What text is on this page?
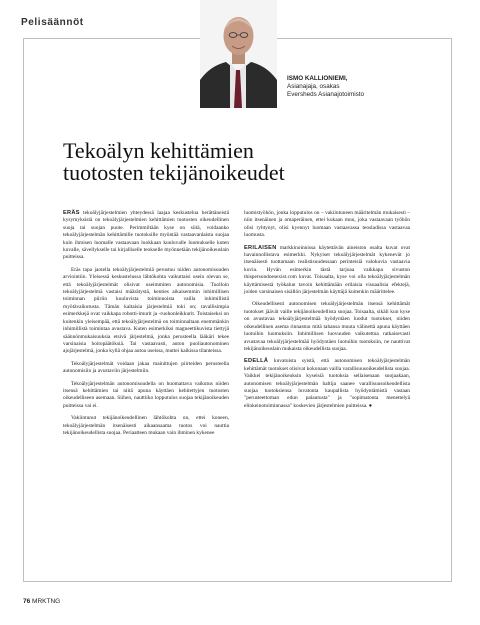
Pelisäännöt
ISMO KALLIONIEMI,
Asianajaja, osakas
Eversheds Asianajotoimisto
Tekoälyn kehittämien
tuotosten tekijänoikeudet

ERÄS tekoälyjärjestelmien yhteydessä laajaa keskustelua herättäneistä kysymyksistä on tekoälyjärjestelmien kehittämien tuotosten oikeudellinen suoja tai suojan puute. Perimmiltään kyse on siitä, voidaanko tekoälyjärjestelmän kehittämille tuotoksille myöntää vastaavanlaista suojaa kuin ihmisen luomalle vastaavaan luokkaan kuuluvalle luomukselle kuten kuvalle, sävellykselle tai kirjalliselle teokselle myönnetään tekijänoikeuslain puitteissa.

Eräs tapa jaotella tekoälyjärjestelmiä perustuu niiden autonomisuuden arviointiin. Yleisessä keskustelussa lähtökohta vaikuttaisi usein olevan se, että tekoälyjärjestelmät olisivat useimmiten autonomisia. Tuolloin tekoälyjärjestelmä vastaisi määrätystä, kenties aikaisemmin inhimillisen toiminnan piiriin kuuluvista toiminnoista vailla inhimillistä myötävaikutusta. Tämän kaltaisia järjestelmiä toki on; tavallisimpia esimerkkejä ovat vaikkapa robotti-imurit ja -ruohonleikkurit. Toistaiseksi on kuitenkin yleisempää, että tekoälyjärjestelmä on toiminnaltaan enemmänkin inhimillistä toimintaa avustava. Kuten esimerkiksi magneettikuvista tiettyjä säännönmukaisuuksia etsivä järjestelmä, jonka perusteella lääkäri tekee varsinaisia hoitopäätöksiä. Tai vastaavasti, auton puoliautonominen ajojärjestelmä, jonka kyllä ohjaa autoa useissa, muttei kaikissa tilanteissa.

Tekoälyjärjestelmät voidaan jakaa mainittujen piirteiden perusteella autonomisiin ja avustaviin järjestelmiin.

Tekoälyjärjestelmän autonomisuudella on huomattava vaikutus niiden itsensä kehittämien tai niitä apuna käyttäen kehitettyjen tuotosten oikeudelliseen asemaan. Siihen, nauttiiko lopputulos suojaa tekijänoikeuden puitteissa vai ei.

Vakiintunut tekijänoikeudellinen lähtökohta on, ettei koneen, tekoälyjärjestelmän itsenäisesti aikaansaama tuotos voi nauttia tekijänoikeudellista suojaa. Periaatteen mukaan vain ihminen kykenee

luomistyöhön, jonka lopputulos on – vakiintuneen määritelmän mukaisesti – niin itsenäinen ja omaperäinen, ettei kukaan muu, joka vastaavaan työhön olisi ryhtynyt, olisi kyennyt luomaan vastaavassa teosladissa vastaavaa luomusta.

ERILAISEN markkinoinnissa käytettävän aineiston osalta kuvat ovat havainnollistava esimerkki. Nykyiset tekoälyjärjestelmät kykenevät jo itsenäisesti tuottamaan realistisuudessaan perinteisiä valokuvia vastaavia kuvia. Hyvän esimerkin tästä tarjoaa vaikkapa sivuston thispersondoesexist.com kuvat. Toisaalta, kyse voi olla tekoälyjärjestelmän käyttämisestä työkalun tavoin kehittämään erilaisia visuaalisia efektejä, joiden varsinaisen sisällön järjestelmän käyttäjä kuitenkin määrittelee.

Oikeudellisesti autonomisen tekoälyjärjestelmän itsensä kehittämät tuotokset jäävät vaille tekijänoikeudellista suojaa. Toisaalta, sikäli kun kyse on avustavaa tekoälyjärjestelmää hyödyntäen luodut tuotokset, niiden oikeudellinen asema rinnastuu mitä tahansa muuta välinettä apuna käyttäen luotuihin luomuksiin. Inhimillisen luovuuden vaikutettua ratkaisevasti avustavaa tekoälyjärjestelmää hyödyntäen luotuihin tuotoksiin, ne nauttivat tekijänoikeuslain mukaista oikeudellista suojaa.

EDELLÄ kuvatuista syistä, että autonomisen tekoälyjärjestelmän kehittämät tuotokset olisivat kokonaan vailla varallisuusoikeudellista suojaa. Vaikkei tekijänoikeuksin kyseisiä tuotoksia sellaisenaan suojaakaan, autonomisen tekoälyjärjestelmän haltija saanee varallisuusoikeudellista suojaa tuotoksiensa luvatonta kaupallista hyödyntämistä vastaan "perusteettoman edun palautusta" ja "sopimatonta menettelyä elinkeinotoiminnassa" koskevien järjestelmien puitteissa. ●

76 MRKTNG
